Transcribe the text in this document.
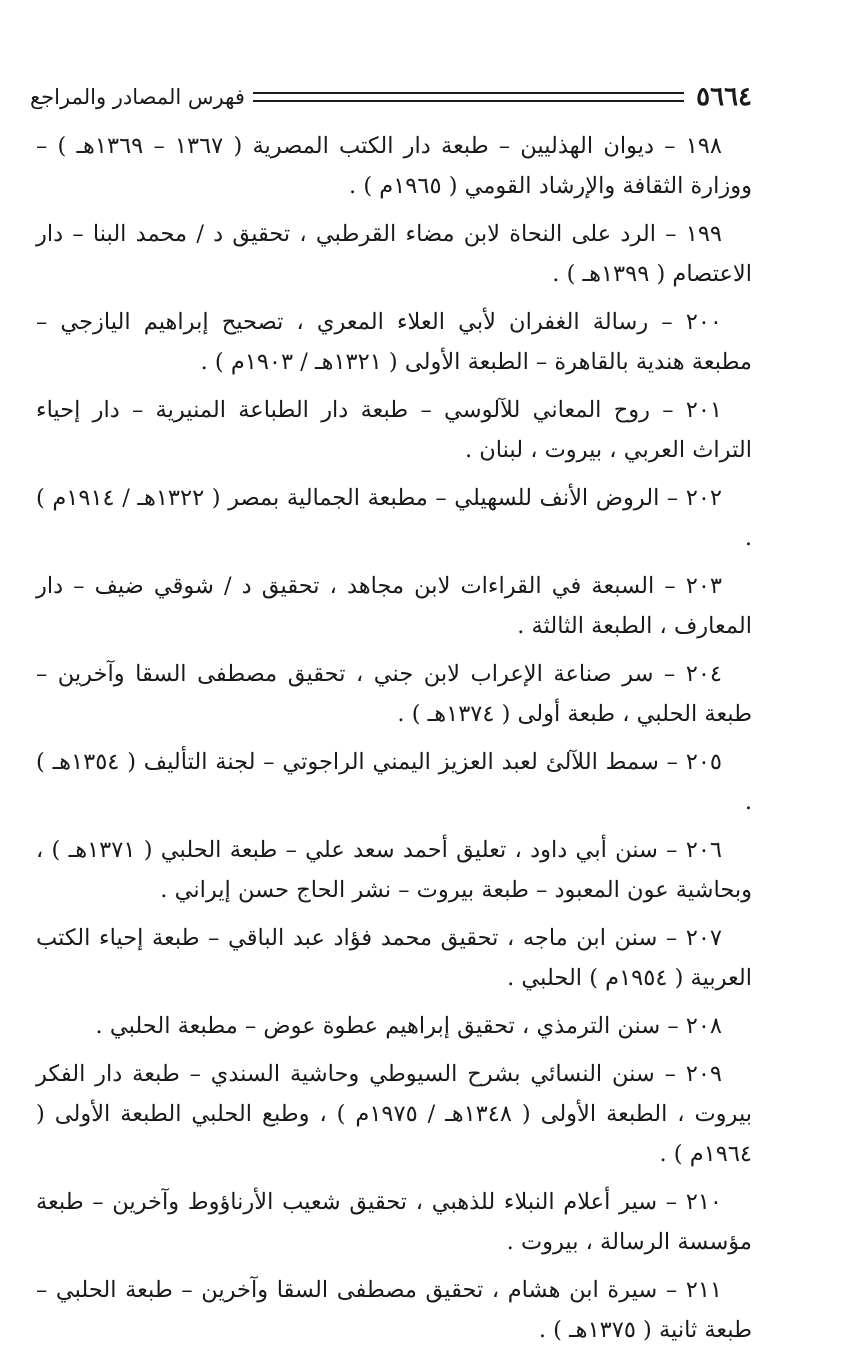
٥٦٦٤
فهرس المصادر والمراجع

١٩٨ – ديوان الهذليين – طبعة دار الكتب المصرية ( ١٣٦٧ – ١٣٦٩هـ ) – ووزارة الثقافة والإرشاد القومي ( ١٩٦٥م ) .

١٩٩ – الرد على النحاة لابن مضاء القرطبي ، تحقيق د / محمد البنا – دار الاعتصام ( ١٣٩٩هـ ) .

٢٠٠ – رسالة الغفران لأبي العلاء المعري ، تصحيح إبراهيم اليازجي – مطبعة هندية بالقاهرة – الطبعة الأولى ( ١٣٢١هـ / ١٩٠٣م ) .

٢٠١ – روح المعاني للآلوسي – طبعة دار الطباعة المنيرية – دار إحياء التراث العربي ، بيروت ، لبنان .

٢٠٢ – الروض الأنف للسهيلي – مطبعة الجمالية بمصر ( ١٣٢٢هـ / ١٩١٤م ) .

٢٠٣ – السبعة في القراءات لابن مجاهد ، تحقيق د / شوقي ضيف – دار المعارف ، الطبعة الثالثة .

٢٠٤ – سر صناعة الإعراب لابن جني ، تحقيق مصطفى السقا وآخرين – طبعة الحلبي ، طبعة أولى ( ١٣٧٤هـ ) .

٢٠٥ – سمط اللآلئ لعبد العزيز اليمني الراجوتي – لجنة التأليف ( ١٣٥٤هـ ) .

٢٠٦ – سنن أبي داود ، تعليق أحمد سعد علي – طبعة الحلبي ( ١٣٧١هـ ) ، وبحاشية عون المعبود – طبعة بيروت – نشر الحاج حسن إيراني .

٢٠٧ – سنن ابن ماجه ، تحقيق محمد فؤاد عبد الباقي – طبعة إحياء الكتب العربية ( ١٩٥٤م ) الحلبي .

٢٠٨ – سنن الترمذي ، تحقيق إبراهيم عطوة عوض – مطبعة الحلبي .

٢٠٩ – سنن النسائي بشرح السيوطي وحاشية السندي – طبعة دار الفكر بيروت ، الطبعة الأولى ( ١٣٤٨هـ / ١٩٧٥م ) ، وطبع الحلبي الطبعة الأولى ( ١٩٦٤م ) .

٢١٠ – سير أعلام النبلاء للذهبي ، تحقيق شعيب الأرناؤوط وآخرين – طبعة مؤسسة الرسالة ، بيروت .

٢١١ – سيرة ابن هشام ، تحقيق مصطفى السقا وآخرين – طبعة الحلبي – طبعة ثانية ( ١٣٧٥هـ ) .
